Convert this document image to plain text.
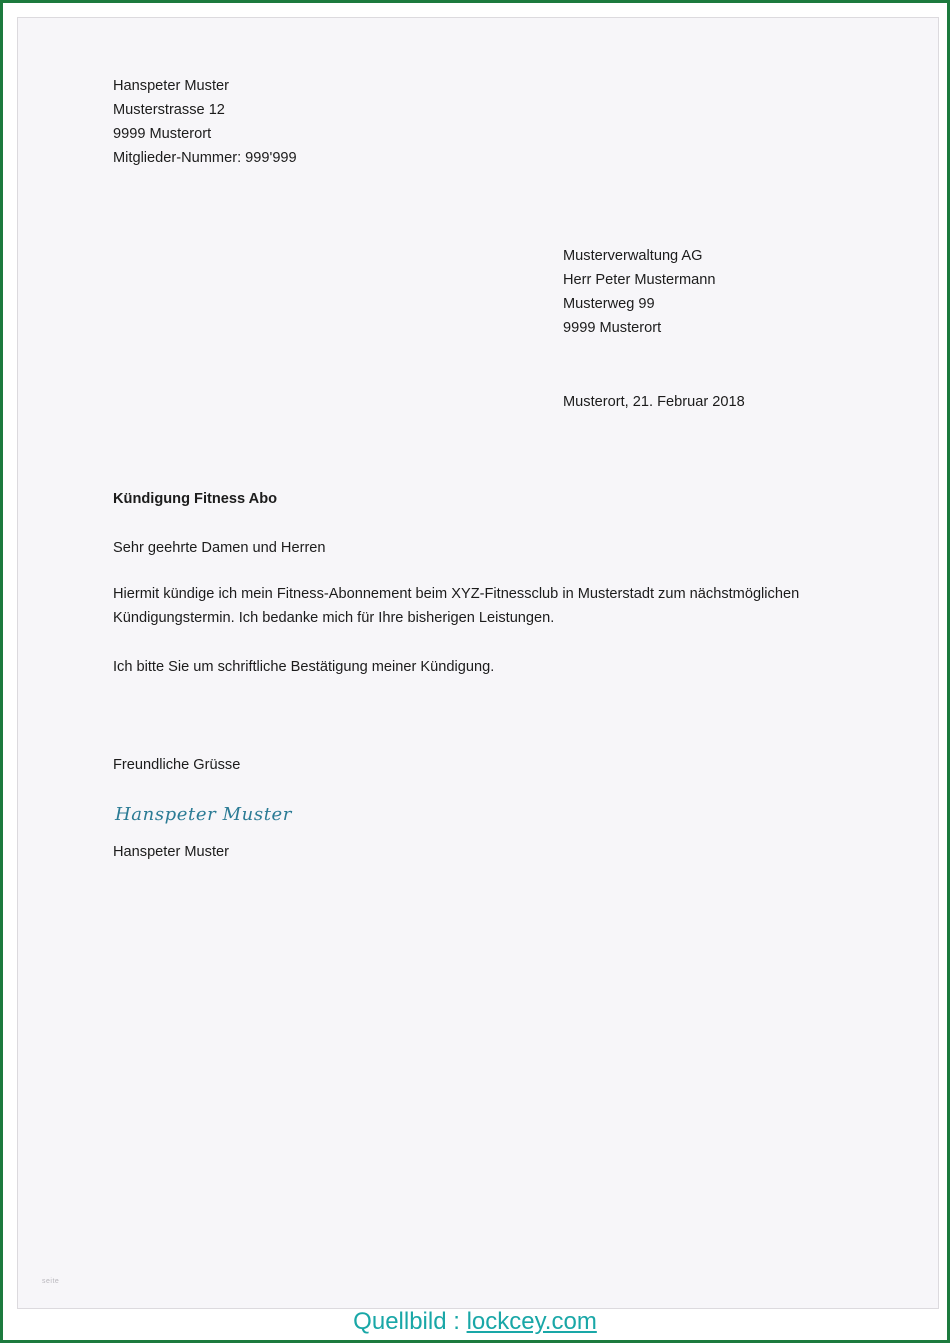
Hanspeter Muster
Musterstrasse 12
9999 Musterort
Mitglieder-Nummer: 999'999
Musterverwaltung AG
Herr Peter Mustermann
Musterweg 99
9999 Musterort
Musterort, 21. Februar 2018
Kündigung Fitness Abo
Sehr geehrte Damen und Herren
Hiermit kündige ich mein Fitness-Abonnement beim XYZ-Fitnessclub in Musterstadt zum nächstmöglichen Kündigungstermin. Ich bedanke mich für Ihre bisherigen Leistungen.
Ich bitte Sie um schriftliche Bestätigung meiner Kündigung.
Freundliche Grüsse
Hanspeter Muster
Hanspeter Muster
seite
Quellbild : lockcey.com
